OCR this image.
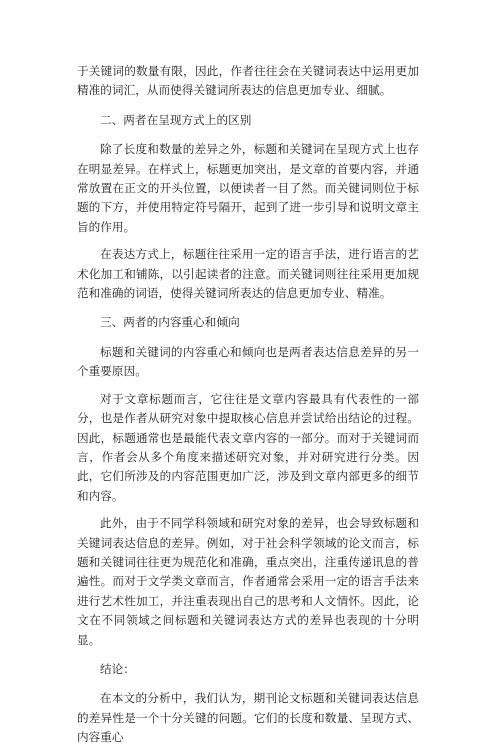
于关键词的数量有限，因此，作者往往会在关键词表达中运用更加精准的词汇，从而使得关键词所表达的信息更加专业、细腻。

二、两者在呈现方式上的区别

除了长度和数量的差异之外，标题和关键词在呈现方式上也存在明显差异。在样式上，标题更加突出，是文章的首要内容，并通常放置在正文的开头位置，以便读者一目了然。而关键词则位于标题的下方，并使用特定符号隔开，起到了进一步引导和说明文章主旨的作用。

在表达方式上，标题往往采用一定的语言手法，进行语言的艺术化加工和铺陈，以引起读者的注意。而关键词则往往采用更加规范和准确的词语，使得关键词所表达的信息更加专业、精准。

三、两者的内容重心和倾向

标题和关键词的内容重心和倾向也是两者表达信息差异的另一个重要原因。

对于文章标题而言，它往往是文章内容最具有代表性的一部分，也是作者从研究对象中提取核心信息并尝试给出结论的过程。因此，标题通常也是最能代表文章内容的一部分。而对于关键词而言，作者会从多个角度来描述研究对象，并对研究进行分类。因此，它们所涉及的内容范围更加广泛，涉及到文章内部更多的细节和内容。

此外，由于不同学科领域和研究对象的差异，也会导致标题和关键词表达信息的差异。例如，对于社会科学领域的论文而言，标题和关键词往往更为规范化和准确，重点突出，注重传递讯息的普遍性。而对于文学类文章而言，作者通常会采用一定的语言手法来进行艺术性加工，并注重表现出自己的思考和人文情怀。因此，论文在不同领域之间标题和关键词表达方式的差异也表现的十分明显。

结论：

在本文的分析中，我们认为，期刊论文标题和关键词表达信息的差异性是一个十分关键的问题。它们的长度和数量、呈现方式、内容重心
